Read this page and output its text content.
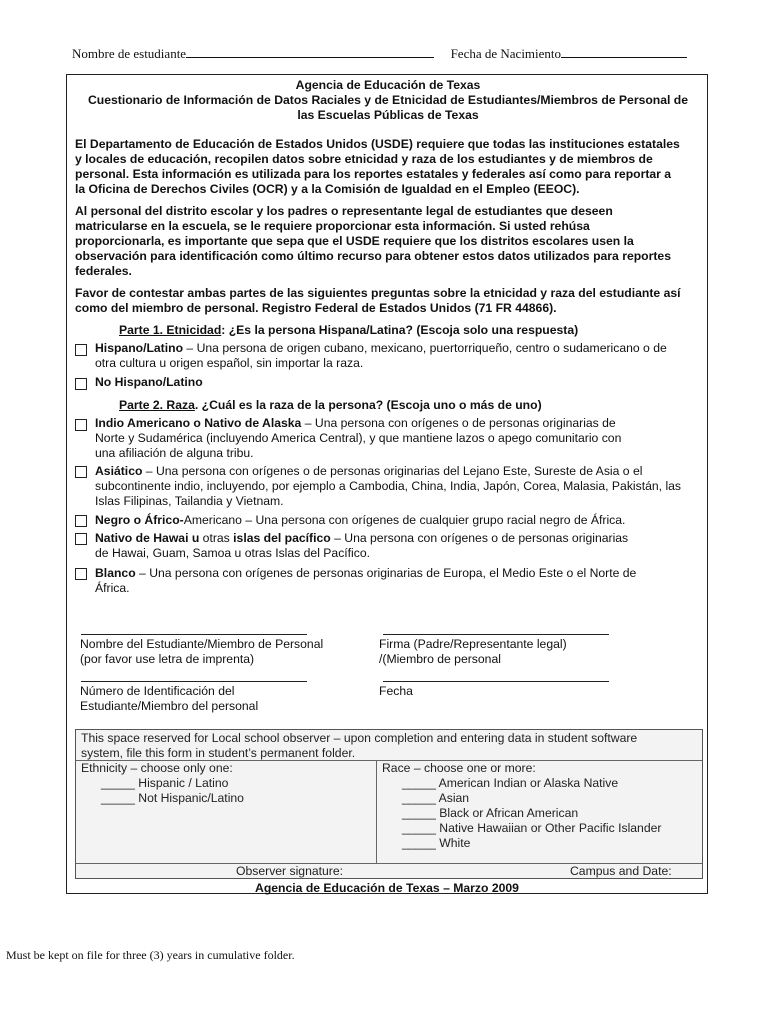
Nombre de estudiante	Fecha de Nacimiento
Agencia de Educación de Texas
Cuestionario de Información de Datos Raciales y de Etnicidad de Estudiantes/Miembros de Personal de
las Escuelas Públicas de Texas
El Departamento de Educación de Estados Unidos (USDE) requiere que todas las instituciones estatales
y locales de educación, recopilen datos sobre etnicidad y raza de los estudiantes y de miembros de
personal. Esta información es utilizada para los reportes estatales y federales así como para reportar a
la Oficina de Derechos Civiles (OCR) y a la Comisión de Igualdad en el Empleo (EEOC).
Al personal del distrito escolar y los padres o representante legal de estudiantes que deseen
matricularse en la escuela, se le requiere proporcionar esta información. Si usted rehúsa
proporcionarla, es importante que sepa que el USDE requiere que los distritos escolares usen la
observación para identificación como último recurso para obtener estos datos utilizados para reportes
federales.
Favor de contestar ambas partes de las siguientes preguntas sobre la etnicidad y raza del estudiante así
como del miembro de personal. Registro Federal de Estados Unidos (71 FR 44866).
Parte 1. Etnicidad: ¿Es la persona Hispana/Latina? (Escoja solo una respuesta)
Hispano/Latino – Una persona de origen cubano, mexicano, puertorriqueño, centro o sudamericano o de
otra cultura u origen español, sin importar la raza.
No Hispano/Latino
Parte 2. Raza. ¿Cuál es la raza de la persona? (Escoja uno o más de uno)
Indio Americano o Nativo de Alaska – Una persona con orígenes o de personas originarias de
Norte y Sudamérica (incluyendo America Central), y que mantiene lazos o apego comunitario con
una afiliación de alguna tribu.
Asiático – Una persona con orígenes o de personas originarias del Lejano Este, Sureste de Asia o el
subcontinente indio, incluyendo, por ejemplo a Cambodia, China, India, Japón, Corea, Malasia, Pakistán, las
Islas Filipinas, Tailandia y Vietnam.
Negro o Áfrico-Americano – Una persona con orígenes de cualquier grupo racial negro de África.
Nativo de Hawai u otras islas del pacífico – Una persona con orígenes o de personas originarias
de Hawai, Guam, Samoa u otras Islas del Pacífico.
Blanco – Una persona con orígenes de personas originarias de Europa, el Medio Este o el Norte de
África.
Nombre del Estudiante/Miembro de Personal
(por favor use letra de imprenta)
Firma (Padre/Representante legal)
/(Miembro de personal
Número de Identificación del
Estudiante/Miembro del personal
Fecha
This space reserved for Local school observer – upon completion and entering data in student software
system, file this form in student’s permanent folder.
Ethnicity – choose only one:
_____ Hispanic / Latino
_____ Not Hispanic/Latino
Race – choose one or more:
_____ American Indian or Alaska Native
_____ Asian
_____ Black or African American
_____ Native Hawaiian or Other Pacific Islander
_____ White
Observer signature:	Campus and Date:
Agencia de Educación de Texas – Marzo 2009
Must be kept on file for three (3) years in cumulative folder.
